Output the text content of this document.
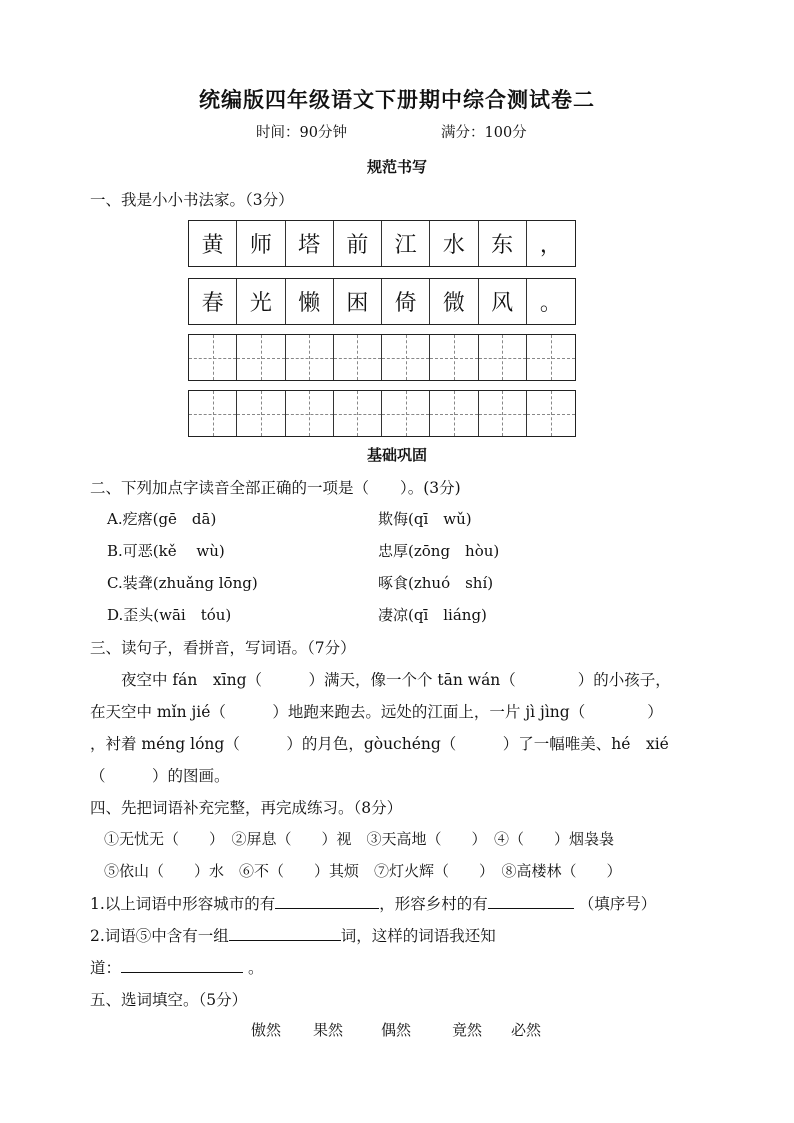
统编版四年级语文下册期中综合测试卷二
时间：90分钟	满分：100分
规范书写
一、我是小小书法家。（3分）
黄	师	塔	前	江	水	东	，
春	光	懒	困	倚	微	风	。
基础巩固
二、下列加点字读音全部正确的一项是（　　）。(3分)
A.疙瘩(gē　dā)	欺侮(qī　wǔ)
B.可恶(kě　 wù)	忠厚(zōng　hòu)
C.装聋(zhuǎng lōng)	啄食(zhuó　shí)
D.歪头(wāi　tóu)	凄凉(qī　liáng)
三、读句子，看拼音，写词语。（7分）
　　夜空中 fán　xīng（　　　）满天，像一个个 tān wán（　　　　）的小孩子，
在天空中 mǐn jié（　　　）地跑来跑去。远处的江面上，一片 jì jìng（　　　　）
，衬着 méng lóng（　　　）的月色，gòuchéng（　　　）了一幅唯美、hé　xié
（　　　）的图画。
四、先把词语补充完整，再完成练习。（8分）
①无忧无（　　）　②屏息（　　）视　③天高地（　　）　④（　　）烟袅袅
⑤依山（　　）水　⑥不（　　）其烦　⑦灯火辉（　　）　⑧高楼林（　　）
1.以上词语中形容城市的有	，形容乡村的有	（填序号）
2.词语⑤中含有一组	词，这样的词语我还知
道：	。
五、选词填空。（5分）
傲然 果然	偶然	竟然 必然
